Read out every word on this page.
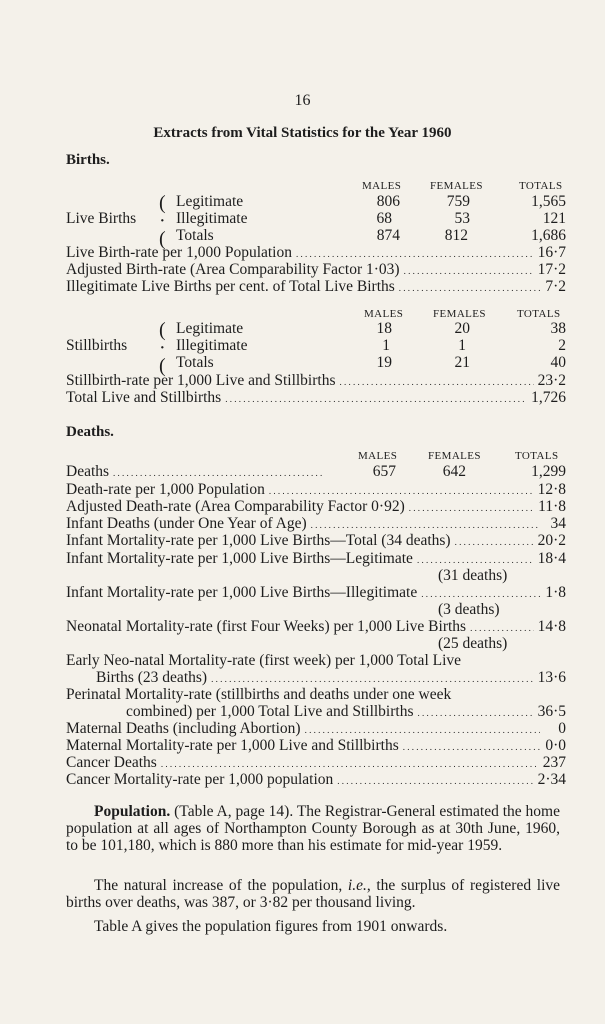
16
Extracts from Vital Statistics for the Year 1960
Births.
MALES	FEMALES	TOTALS
Live Births
(
·
(
Legitimate	806	759	1,565
Illegitimate	68	53	121
Totals	874	812	1,686
Live Birth-rate per 1,000 Population . . .	16·7
Adjusted Birth-rate (Area Comparability Factor 1·03) . . .	17·2
Illegitimate Live Births per cent. of Total Live Births . . .	7·2
MALES	FEMALES	TOTALS
Stillbirths
(
·
(
Legitimate	18	20	38
Illegitimate	1	1	2
Totals	19	21	40
Stillbirth-rate per 1,000 Live and Stillbirths . . .	23·2
Total Live and Stillbirths . . .	1,726
Deaths.
MALES	FEMALES	TOTALS
Deaths . . .	657	642	1,299
Death-rate per 1,000 Population . . .	12·8
Adjusted Death-rate (Area Comparability Factor 0·92) . . .	11·8
Infant Deaths (under One Year of Age) . . .	34
Infant Mortality-rate per 1,000 Live Births—Total (34 deaths) . . .	20·2
Infant Mortality-rate per 1,000 Live Births—Legitimate . . .	18·4
(31 deaths)
Infant Mortality-rate per 1,000 Live Births—Illegitimate . . .	1·8
(3 deaths)
Neonatal Mortality-rate (first Four Weeks) per 1,000 Live Births . . .	14·8
(25 deaths)
Early Neo-natal Mortality-rate (first week) per 1,000 Total Live
Births (23 deaths) . . .	13·6
Perinatal Mortality-rate (stillbirths and deaths under one week
combined) per 1,000 Total Live and Stillbirths . . .	36·5
Maternal Deaths (including Abortion) . . .	0
Maternal Mortality-rate per 1,000 Live and Stillbirths . . .	0·0
Cancer Deaths . . .	237
Cancer Mortality-rate per 1,000 population . . .	2·34
Population. (Table A, page 14). The Registrar-General estimated the home population at all ages of Northampton County Borough as at 30th June, 1960, to be 101,180, which is 880 more than his estimate for mid-year 1959.
The natural increase of the population, i.e., the surplus of registered live births over deaths, was 387, or 3·82 per thousand living.
Table A gives the population figures from 1901 onwards.
